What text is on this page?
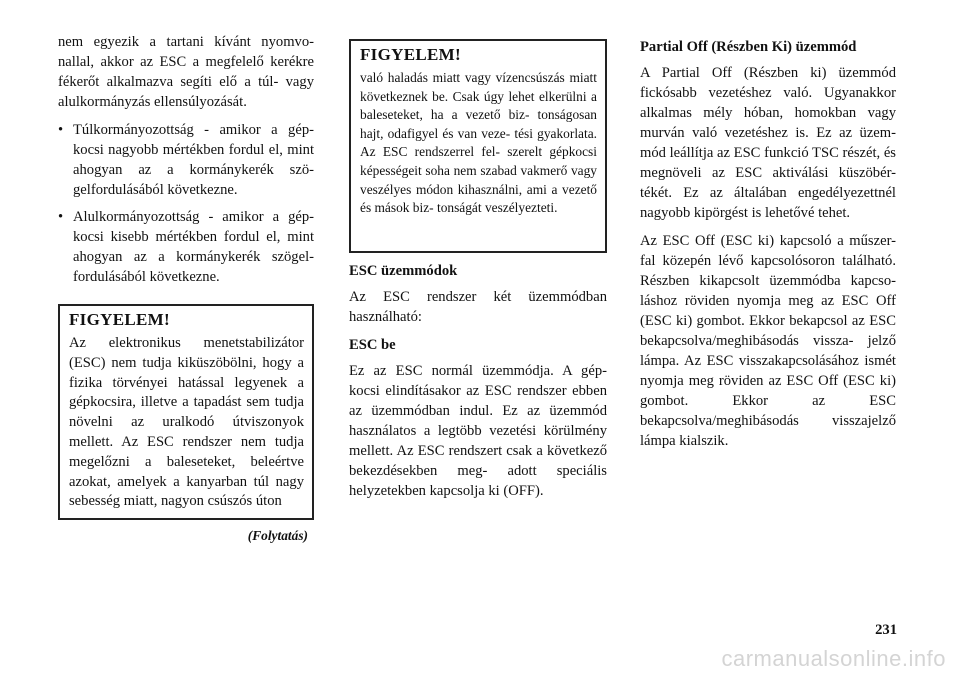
nem egyezik a tartani kívánt nyomvo- nallal, akkor az ESC a megfelelő kerékre fékerőt alkalmazva segíti elő a túl- vagy alulkormányzás ellensúlyozását.

• Túlkormányozottság - amikor a gép- kocsi nagyobb mértékben fordul el, mint ahogyan az a kormánykerék szö- gelfordulásából következne.
• Alulkormányozottság - amikor a gép- kocsi kisebb mértékben fordul el, mint ahogyan az a kormánykerék szögel- fordulásából következne.
FIGYELEM!

Az elektronikus menetstabilizátor (ESC) nem tudja kiküszöbölni, hogy a fizika törvényei hatással legyenek a gépkocsira, illetve a tapadást sem tudja növelni az uralkodó útviszonyok mellett. Az ESC rendszer nem tudja megelőzni a baleseteket, beleértve azokat, amelyek a kanyarban túl nagy sebesség miatt, nagyon csúszós úton

(Folytatás)
FIGYELEM!

való haladás miatt vagy vízencsúszás miatt következnek be. Csak úgy lehet elkerülni a baleseteket, ha a vezető biz- tonságosan hajt, odafigyel és van veze- tési gyakorlata. Az ESC rendszerrel fel- szerelt gépkocsi képességeit soha nem szabad vakmerő vagy veszélyes módon kihasználni, ami a vezető és mások biz- tonságát veszélyezteti.

ESC üzemmódok

Az ESC rendszer két üzemmódban használható:

ESC be

Ez az ESC normál üzemmódja. A gép- kocsi elindításakor az ESC rendszer ebben az üzemmódban indul. Ez az üzemmód használatos a legtöbb vezetési körülmény mellett. Az ESC rendszert csak a következő bekezdésekben meg- adott speciális helyzetekben kapcsolja ki (OFF).

Partial Off (Részben Ki) üzemmód

A Partial Off (Részben ki) üzemmód fickósabb vezetéshez való. Ugyanakkor alkalmas mély hóban, homokban vagy murván való vezetéshez is. Ez az üzem- mód leállítja az ESC funkció TSC részét, és megnöveli az ESC aktiválási küszöbér- tékét. Ez az általában engedélyezettnél nagyobb kipörgést is lehetővé tehet.

Az ESC Off (ESC ki) kapcsoló a műszer- fal közepén lévő kapcsolósoron található. Részben kikapcsolt üzemmódba kapcso- láshoz röviden nyomja meg az ESC Off (ESC ki) gombot. Ekkor bekapcsol az ESC bekapcsolva/meghibásodás vissza- jelző lámpa. Az ESC visszakapcsolásához ismét nyomja meg röviden az ESC Off (ESC ki) gombot. Ekkor az ESC bekapcsolva/meghibásodás visszajelző lámpa kialszik.

231
carmanualsonline.info
